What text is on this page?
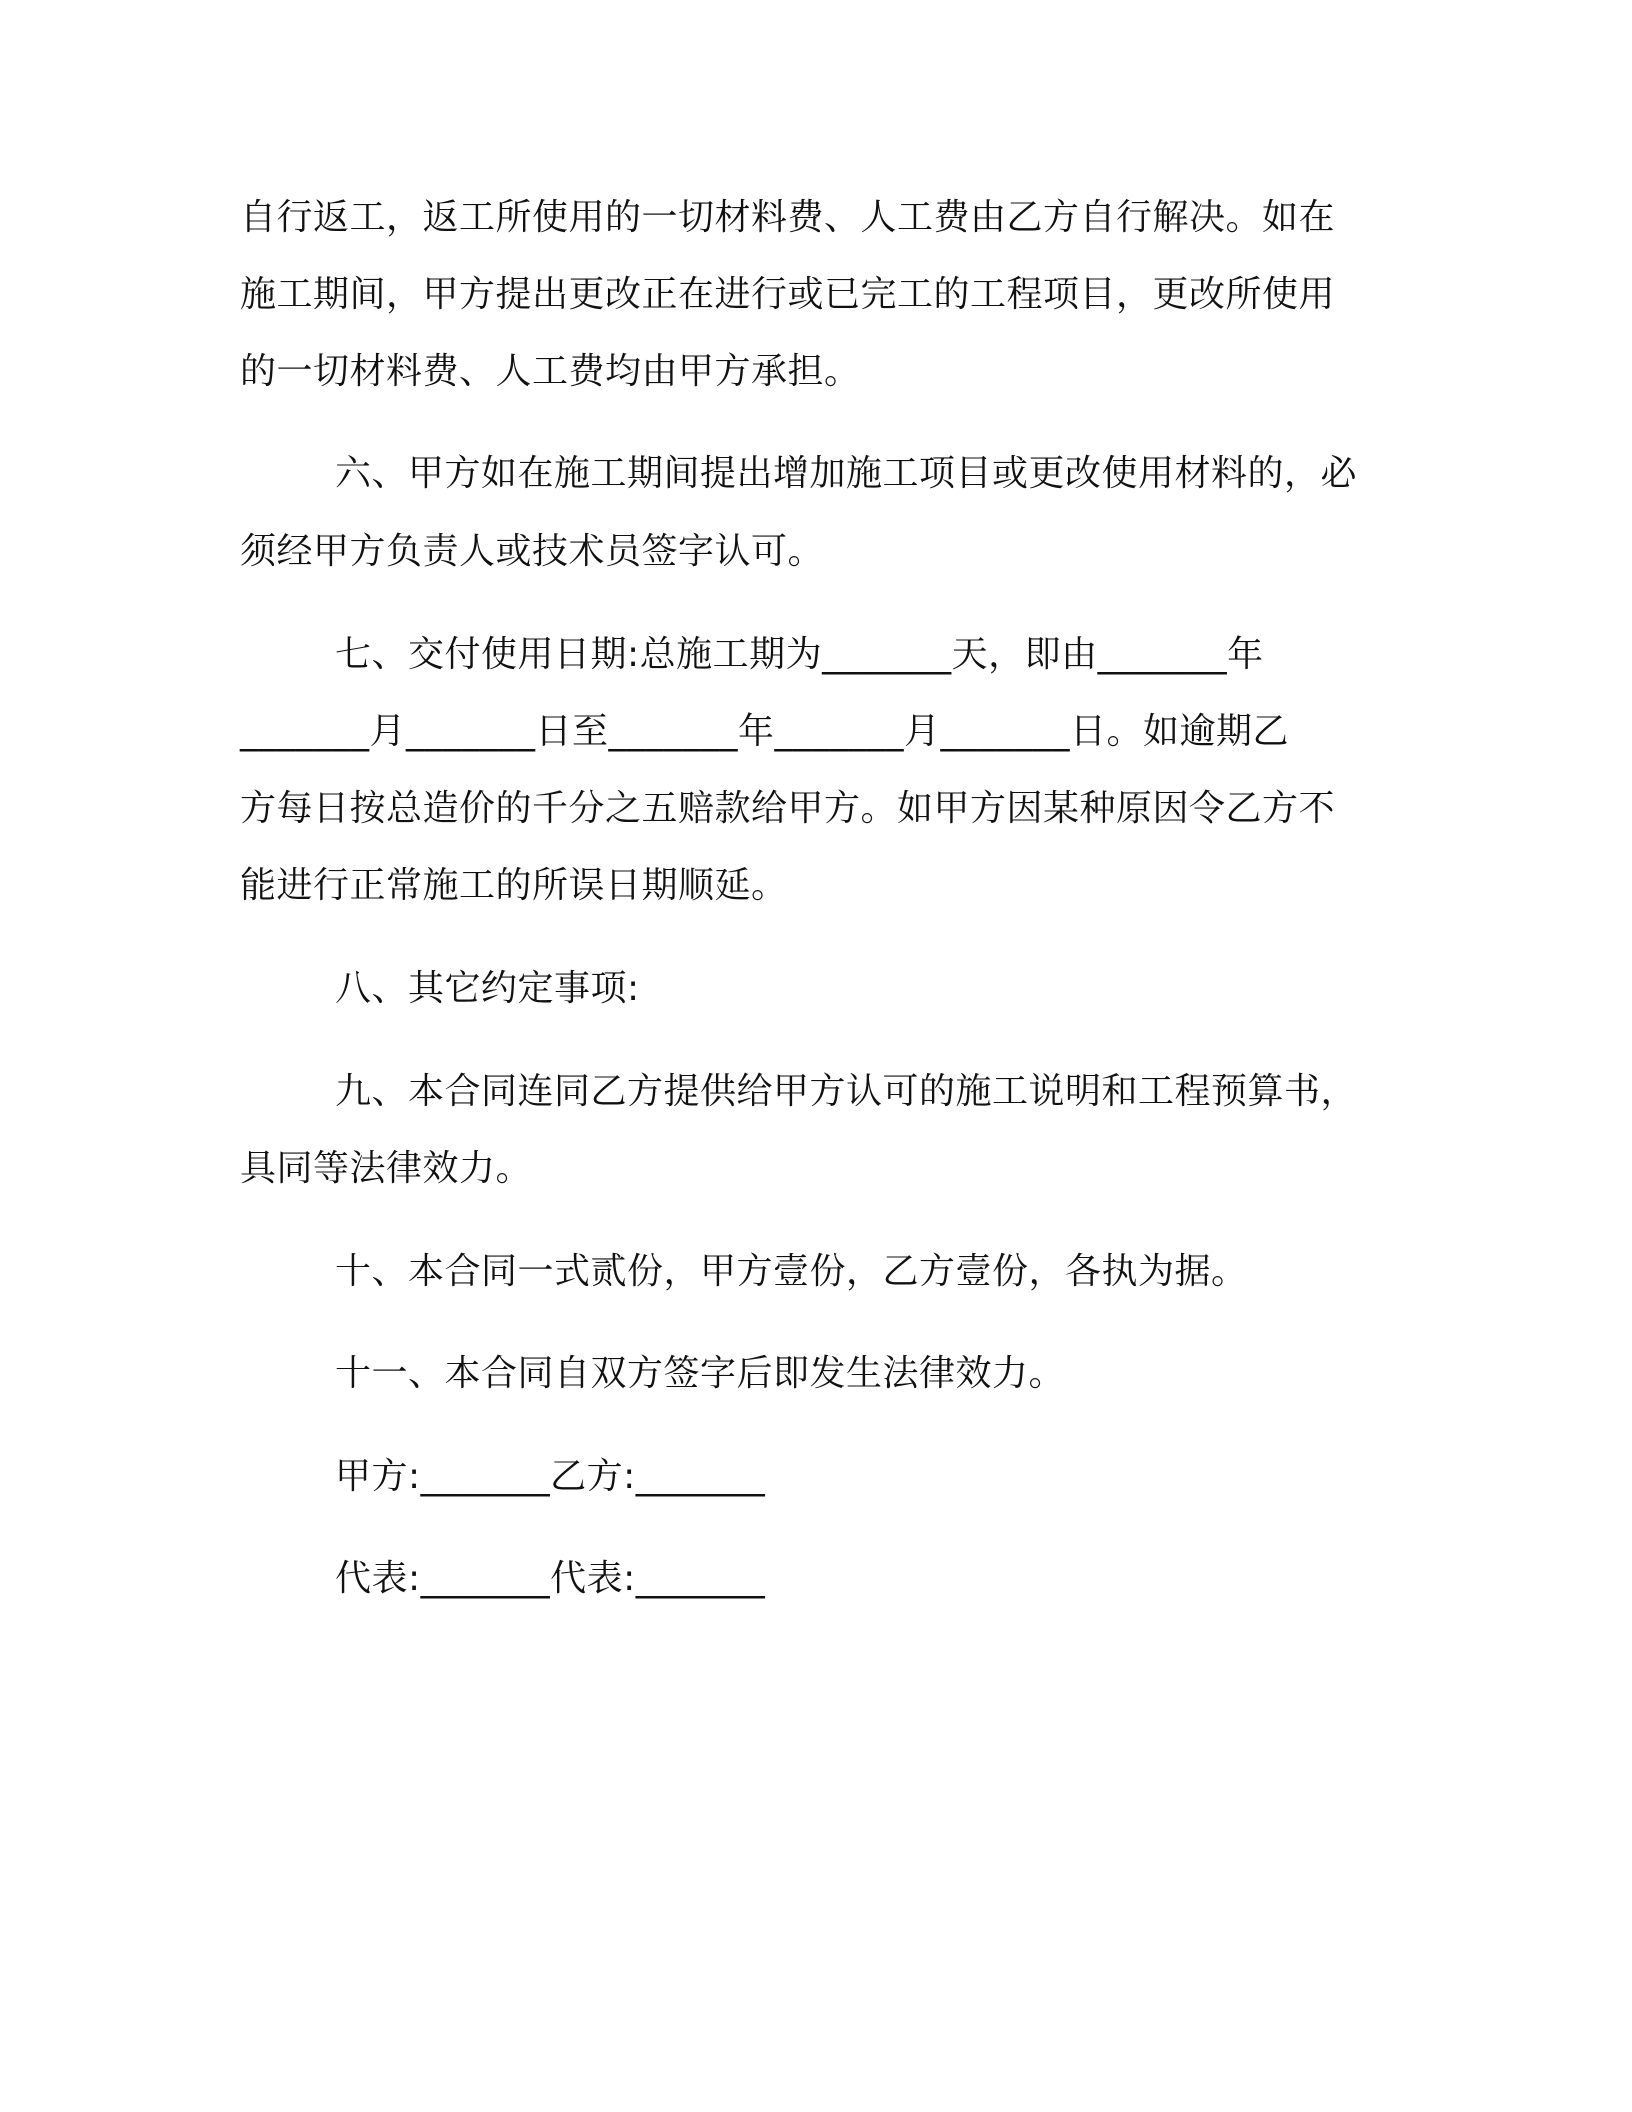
自行返工，返工所使用的一切材料费、人工费由乙方自行解决。如在
施工期间，甲方提出更改正在进行或已完工的工程项目，更改所使用
的一切材料费、人工费均由甲方承担。
六、甲方如在施工期间提出增加施工项目或更改使用材料的，必
须经甲方负责人或技术员签字认可。
七、交付使用日期:总施工期为_______天，即由_______年
_______月_______日至_______年_______月_______日。如逾期乙
方每日按总造价的千分之五赔款给甲方。如甲方因某种原因令乙方不
能进行正常施工的所误日期顺延。
八、其它约定事项:
九、本合同连同乙方提供给甲方认可的施工说明和工程预算书，
具同等法律效力。
十、本合同一式贰份，甲方壹份，乙方壹份，各执为据。
十一、本合同自双方签字后即发生法律效力。
甲方:_______乙方:_______
代表:_______代表:_______
